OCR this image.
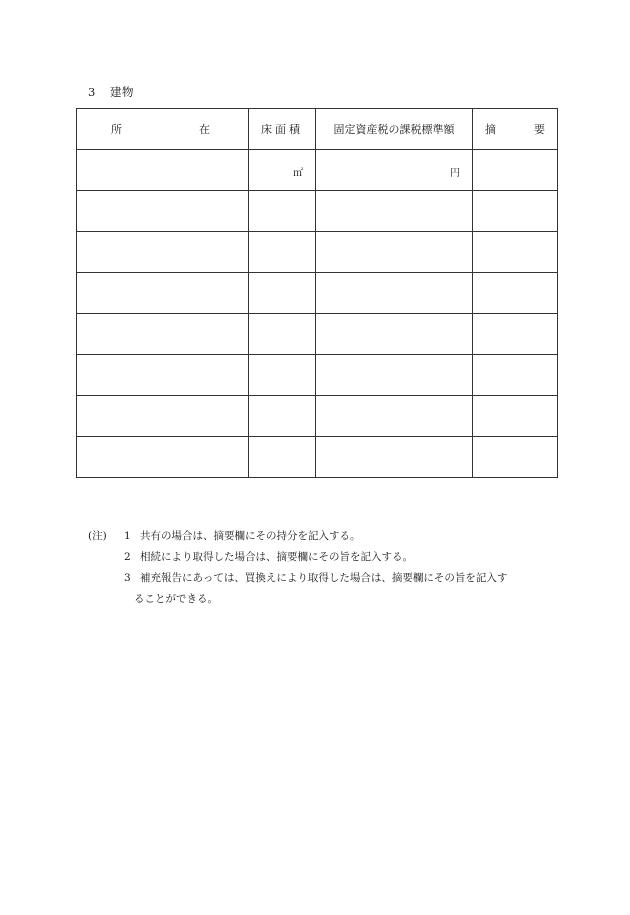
3 建物
所 在	床面積	固定資産税の課税標準額	摘 要

	㎡	円	

(注)	1 共有の場合は、摘要欄にその持分を記入する。
2 相続により取得した場合は、摘要欄にその旨を記入する。
3 補充報告にあっては、買換えにより取得した場合は、摘要欄にその旨を記入す
ることができる。
